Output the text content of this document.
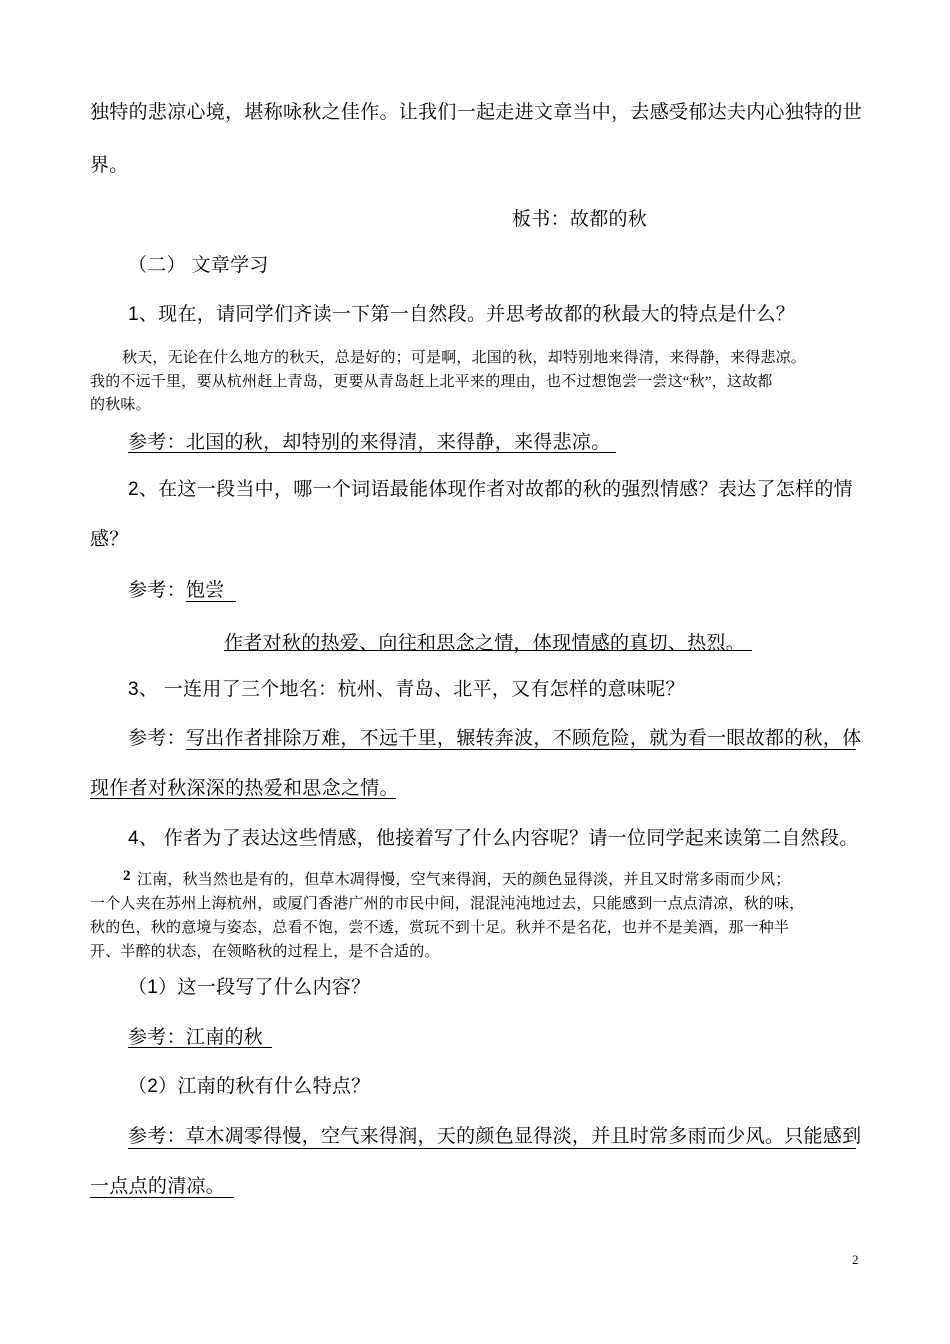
独特的悲凉心境，堪称咏秋之佳作。让我们一起走进文章当中，去感受郁达夫内心独特的世
界。
板书：故都的秋
（二） 文章学习
1、现在，请同学们齐读一下第一自然段。并思考故都的秋最大的特点是什么？
秋天，无论在什么地方的秋天，总是好的；可是啊，北国的秋，却特别地来得清，来得静，来得悲凉。
我的不远千里，要从杭州赶上青岛，更要从青岛赶上北平来的理由，也不过想饱尝一尝这“秋”，这故都
的秋味。
参考：北国的秋，却特别的来得清，来得静，来得悲凉。
2、在这一段当中，哪一个词语最能体现作者对故都的秋的强烈情感？表达了怎样的情
感？
参考： 饱尝
作者对秋的热爱、向往和思念之情，体现情感的真切、热烈。
3、 一连用了三个地名：杭州、青岛、北平，又有怎样的意味呢？
参考： 写出作者排除万难，不远千里，辗转奔波，不顾危险，就为看一眼故都的秋，体
现作者对秋深深的热爱和思念之情。
4、 作者为了表达这些情感，他接着写了什么内容呢？请一位同学起来读第二自然段。
2 江南，秋当然也是有的，但草木凋得慢，空气来得润，天的颜色显得淡，并且又时常多雨而少风；
一个人夹在苏州上海杭州，或厦门香港广州的市民中间，混混沌沌地过去，只能感到一点点清凉，秋的味，
秋的色，秋的意境与姿态，总看不饱，尝不透，赏玩不到十足。秋并不是名花，也并不是美酒，那一种半
开、半醉的状态，在领略秋的过程上，是不合适的。
（1）这一段写了什么内容？
参考：江南的秋
（2）江南的秋有什么特点？
参考：草木凋零得慢，空气来得润，天的颜色显得淡，并且时常多雨而少风。只能感到
一点点的清凉。
2
